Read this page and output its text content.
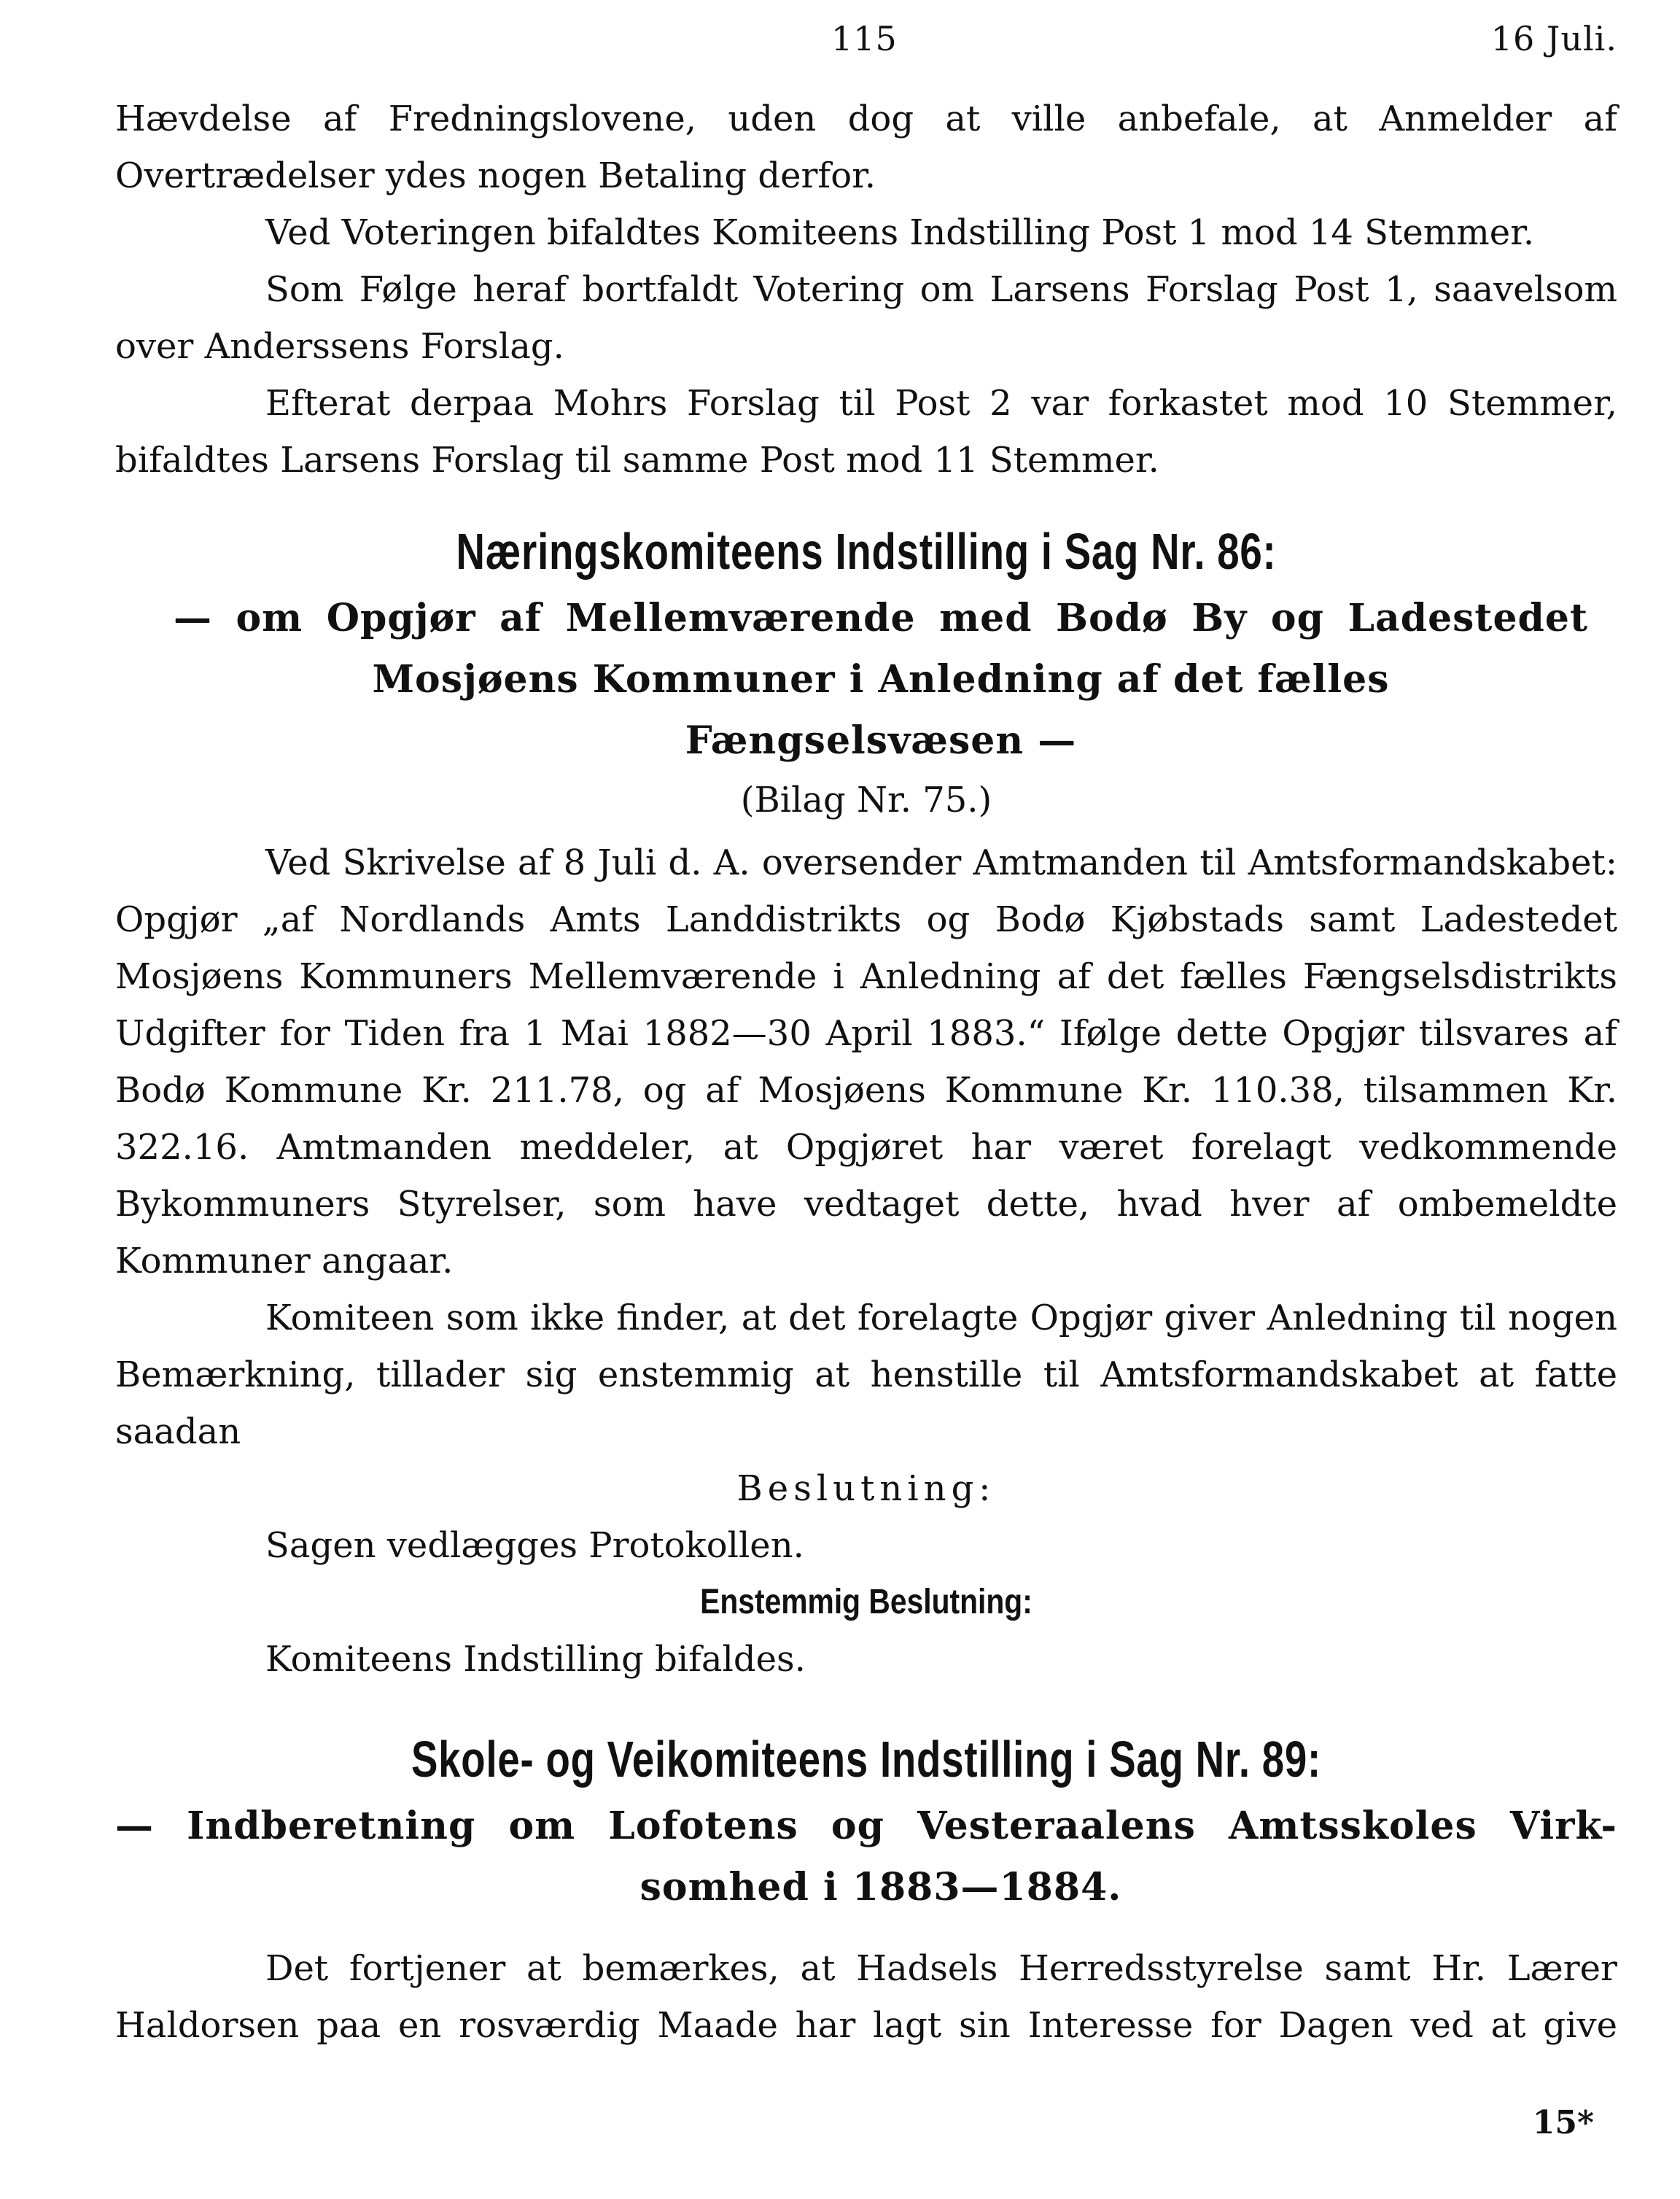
115	16 Juli.

Hævdelse af Fredningslovene, uden dog at ville anbefale, at Anmelder af Overtrædelser ydes nogen Betaling derfor.

Ved Voteringen bifaldtes Komiteens Indstilling Post 1 mod 14 Stemmer.

Som Følge heraf bortfaldt Votering om Larsens Forslag Post 1, saavelsom over Anderssens Forslag.

Efterat derpaa Mohrs Forslag til Post 2 var forkastet mod 10 Stemmer, bifaldtes Larsens Forslag til samme Post mod 11 Stemmer.

Næringskomiteens Indstilling i Sag Nr. 86:

— om Opgjør af Mellemværende med Bodø By og Ladestedet Mosjøens Kommuner i Anledning af det fælles

Fængselsvæsen —

(Bilag Nr. 75.)

Ved Skrivelse af 8 Juli d. A. oversender Amtmanden til Amtsformandskabet: Opgjør „af Nordlands Amts Landdistrikts og Bodø Kjøbstads samt Ladestedet Mosjøens Kommuners Mellemværende i Anledning af det fælles Fængselsdistrikts Udgifter for Tiden fra 1 Mai 1882—30 April 1883.“ Ifølge dette Opgjør tilsvares af Bodø Kommune Kr. 211.78, og af Mosjøens Kommune Kr. 110.38, tilsammen Kr. 322.16. Amtmanden meddeler, at Opgjøret har været forelagt vedkommende Bykommuners Styrelser, som have vedtaget dette, hvad hver af ombemeldte Kommuner angaar.

Komiteen som ikke finder, at det forelagte Opgjør giver Anledning til nogen Bemærkning, tillader sig enstemmig at henstille til Amtsformandskabet at fatte saadan

Beslutning:

Sagen vedlægges Protokollen.

Enstemmig Beslutning:

Komiteens Indstilling bifaldes.

Skole- og Veikomiteens Indstilling i Sag Nr. 89:

— Indberetning om Lofotens og Vesteraalens Amtsskoles Virk-

somhed i 1883—1884.

Det fortjener at bemærkes, at Hadsels Herredsstyrelse samt Hr. Lærer Haldorsen paa en rosværdig Maade har lagt sin Interesse for Dagen ved at give

15*
